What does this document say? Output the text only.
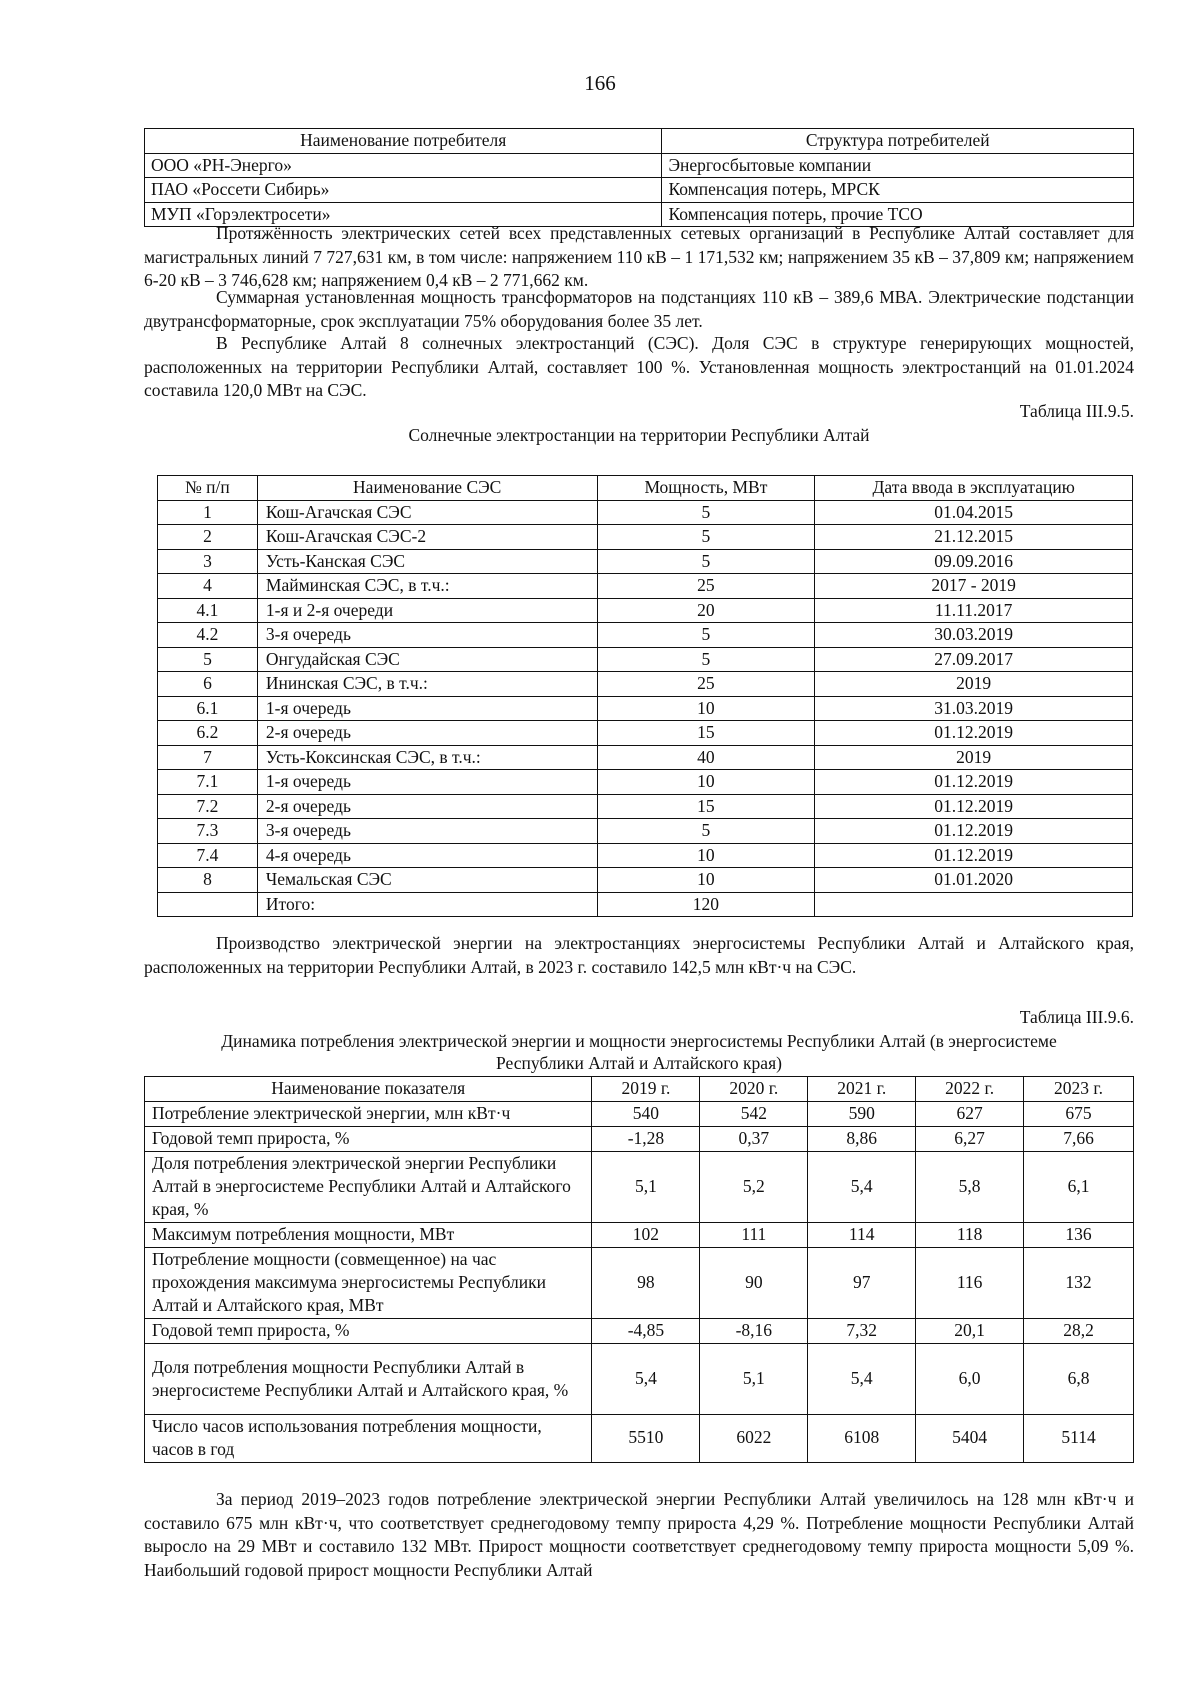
166
Наименование потребителя	Структура потребителей
ООО «РН-Энерго»	Энергосбытовые компании
ПАО «Россети Сибирь»	Компенсация потерь, МРСК
МУП «Горэлектросети»	Компенсация потерь, прочие ТСО
Протяжённость электрических сетей всех представленных сетевых организаций в Республике Алтай составляет для магистральных линий 7 727,631 км, в том числе: напряжением 110 кВ – 1 171,532 км; напряжением 35 кВ – 37,809 км; напряжением 6-20 кВ – 3 746,628 км; напряжением 0,4 кВ – 2 771,662 км.
Суммарная установленная мощность трансформаторов на подстанциях 110 кВ – 389,6 МВА. Электрические подстанции двутрансформаторные, срок эксплуатации 75% оборудования более 35 лет.
В Республике Алтай 8 солнечных электростанций (СЭС). Доля СЭС в структуре генерирующих мощностей, расположенных на территории Республики Алтай, составляет 100 %. Установленная мощность электростанций на 01.01.2024 составила 120,0 МВт на СЭС.
Таблица III.9.5.
Солнечные электростанции на территории Республики Алтай
№ п/п	Наименование СЭС	Мощность, МВт	Дата ввода в эксплуатацию
1	Кош-Агачская СЭС	5	01.04.2015
2	Кош-Агачская СЭС-2	5	21.12.2015
3	Усть-Канская СЭС	5	09.09.2016
4	Майминская СЭС, в т.ч.:	25	2017 - 2019
4.1	1-я и 2-я очереди	20	11.11.2017
4.2	3-я очередь	5	30.03.2019
5	Онгудайская СЭС	5	27.09.2017
6	Ининская СЭС, в т.ч.:	25	2019
6.1	1-я очередь	10	31.03.2019
6.2	2-я очередь	15	01.12.2019
7	Усть-Коксинская СЭС, в т.ч.:	40	2019
7.1	1-я очередь	10	01.12.2019
7.2	2-я очередь	15	01.12.2019
7.3	3-я очередь	5	01.12.2019
7.4	4-я очередь	10	01.12.2019
8	Чемальская СЭС	10	01.01.2020
	Итого:	120	
Производство электрической энергии на электростанциях энергосистемы Республики Алтай и Алтайского края, расположенных на территории Республики Алтай, в 2023 г. составило 142,5 млн кВт·ч на СЭС.
Таблица III.9.6.
Динамика потребления электрической энергии и мощности энергосистемы Республики Алтай (в энергосистеме
Республики Алтай и Алтайского края)
Наименование показателя	2019 г.	2020 г.	2021 г.	2022 г.	2023 г.
Потребление электрической энергии, млн кВт·ч	540	542	590	627	675
Годовой темп прироста, %	-1,28	0,37	8,86	6,27	7,66
Доля потребления электрической энергии Республики Алтай в энергосистеме Республики Алтай и Алтайского края, %	5,1	5,2	5,4	5,8	6,1
Максимум потребления мощности, МВт	102	111	114	118	136
Потребление мощности (совмещенное) на час прохождения максимума энергосистемы Республики Алтай и Алтайского края, МВт	98	90	97	116	132
Годовой темп прироста, %	-4,85	-8,16	7,32	20,1	28,2
Доля потребления мощности Республики Алтай в энергосистеме Республики Алтай и Алтайского края, %	5,4	5,1	5,4	6,0	6,8
Число часов использования потребления мощности, часов в год	5510	6022	6108	5404	5114
За период 2019–2023 годов потребление электрической энергии Республики Алтай увеличилось на 128 млн кВт·ч и составило 675 млн кВт·ч, что соответствует среднегодовому темпу прироста 4,29 %. Потребление мощности Республики Алтай выросло на 29 МВт и составило 132 МВт. Прирост мощности соответствует среднегодовому темпу прироста мощности 5,09 %. Наибольший годовой прирост мощности Республики Алтай
